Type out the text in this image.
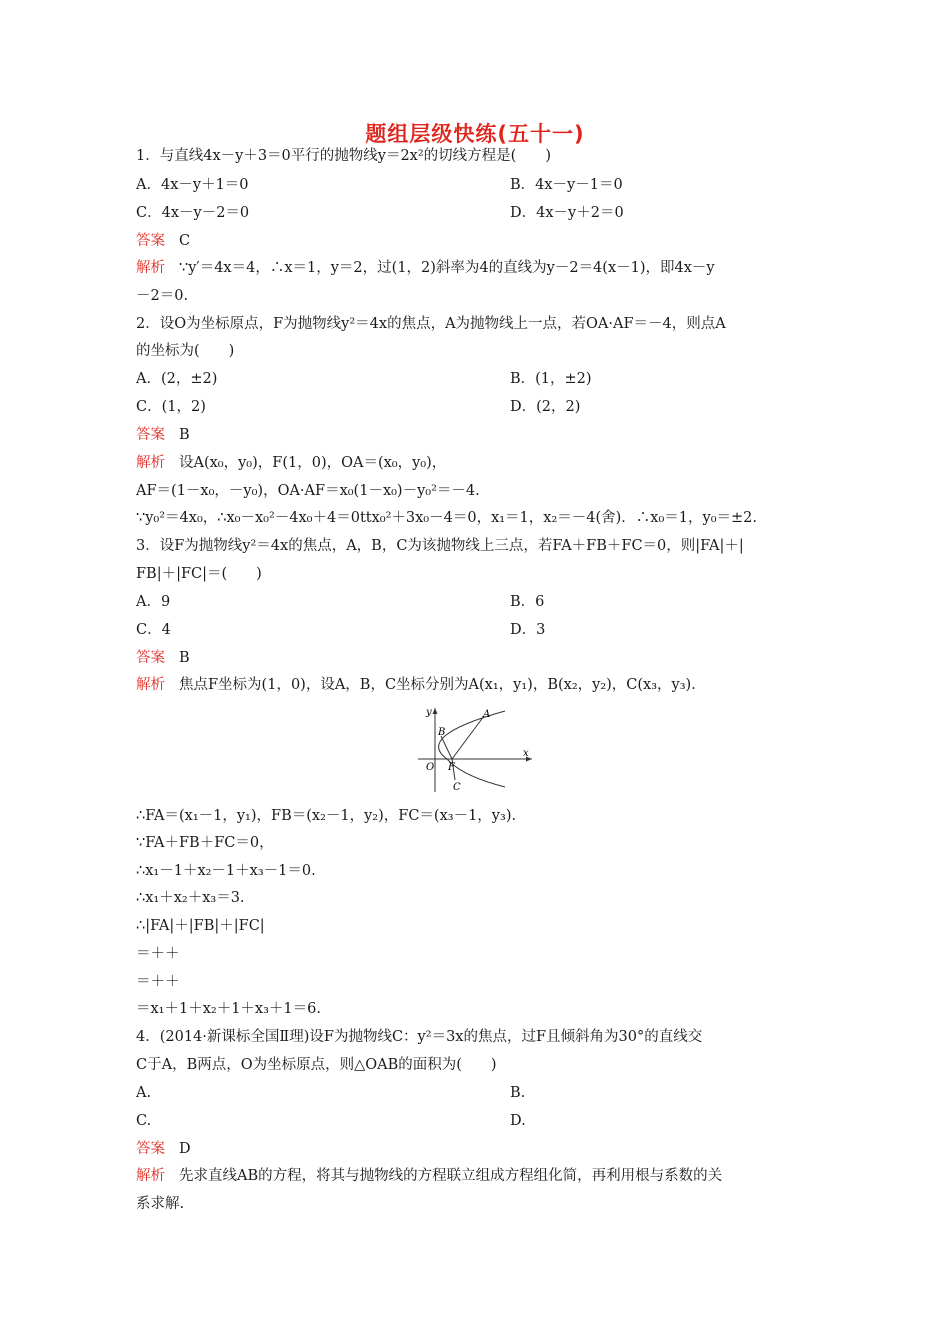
题组层级快练(五十一)
1．与直线4x－y＋3＝0平行的抛物线y＝2x²的切线方程是(　　)
A．4x－y＋1＝0	B．4x－y－1＝0
C．4x－y－2＝0	D．4x－y＋2＝0
答案 C
解析 ∵y′＝4x＝4，∴x＝1，y＝2，过(1，2)斜率为4的直线为y－2＝4(x－1)，即4x－y
－2＝0.
2．设O为坐标原点，F为抛物线y²＝4x的焦点，A为抛物线上一点，若OA·AF＝－4，则点A
的坐标为(　　)
A．(2，±2)	B．(1，±2)
C．(1，2)	D．(2，2)
答案 B
解析 设A(x₀，y₀)，F(1，0)，OA＝(x₀，y₀)，
AF＝(1－x₀，－y₀)，OA·AF＝x₀(1－x₀)－y₀²＝－4.
∵y₀²＝4x₀，∴x₀－x₀²－4x₀＋4＝0ttx₀²＋3x₀－4＝0，x₁＝1，x₂＝－4(舍)．∴x₀＝1，y₀＝±2.
3．设F为抛物线y²＝4x的焦点，A，B，C为该抛物线上三点，若FA＋FB＋FC＝0，则|FA|＋|
FB|＋|FC|＝(　　)
A．9	B．6
C．4	D．3
答案 B
解析 焦点F坐标为(1，0)，设A，B，C坐标分别为A(x₁，y₁)，B(x₂，y₂)，C(x₃，y₃)．
y
x
O F
A
B
C
∴FA＝(x₁－1，y₁)，FB＝(x₂－1，y₂)，FC＝(x₃－1，y₃)．
∵FA＋FB＋FC＝0，
∴x₁－1＋x₂－1＋x₃－1＝0.
∴x₁＋x₂＋x₃＝3.
∴|FA|＋|FB|＋|FC|
＝＋＋
＝＋＋
＝x₁＋1＋x₂＋1＋x₃＋1＝6.
4．(2014·新课标全国Ⅱ理)设F为抛物线C：y²＝3x的焦点，过F且倾斜角为30°的直线交
C于A，B两点，O为坐标原点，则△OAB的面积为(　　)
A.	B.
C.	D.
答案 D
解析 先求直线AB的方程，将其与抛物线的方程联立组成方程组化简，再利用根与系数的关
系求解.
